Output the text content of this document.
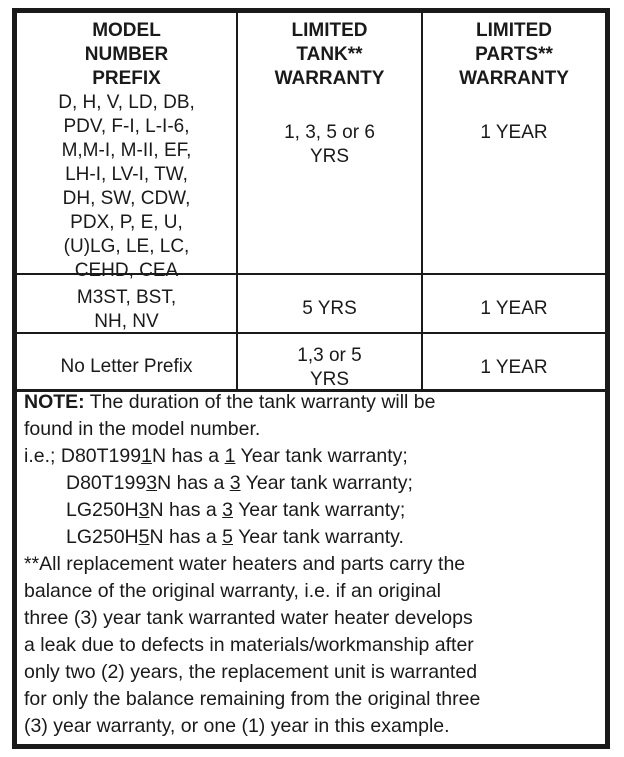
MODEL
NUMBER
PREFIX
D, H, V, LD, DB,
PDV, F-I, L-I-6,
M,M-I, M-II, EF,
LH-I, LV-I, TW,
DH, SW, CDW,
PDX, P, E, U,
(U)LG, LE, LC,
CEHD, CEA
LIMITED
TANK**
WARRANTY
1, 3, 5 or 6
YRS
LIMITED
PARTS**
WARRANTY
1 YEAR
M3ST, BST,
NH, NV
5 YRS	1 YEAR
No Letter Prefix
1,3 or 5
YRS
1 YEAR
NOTE: The duration of the tank warranty will be
found in the model number.
i.e.; D80T1991N has a 1 Year tank warranty;
D80T1993N has a 3 Year tank warranty;
LG250H3N has a 3 Year tank warranty;
LG250H5N has a 5 Year tank warranty.
**All replacement water heaters and parts carry the
balance of the original warranty, i.e. if an original
three (3) year tank warranted water heater develops
a leak due to defects in materials/workmanship after
only two (2) years, the replacement unit is warranted
for only the balance remaining from the original three
(3) year warranty, or one (1) year in this example.
